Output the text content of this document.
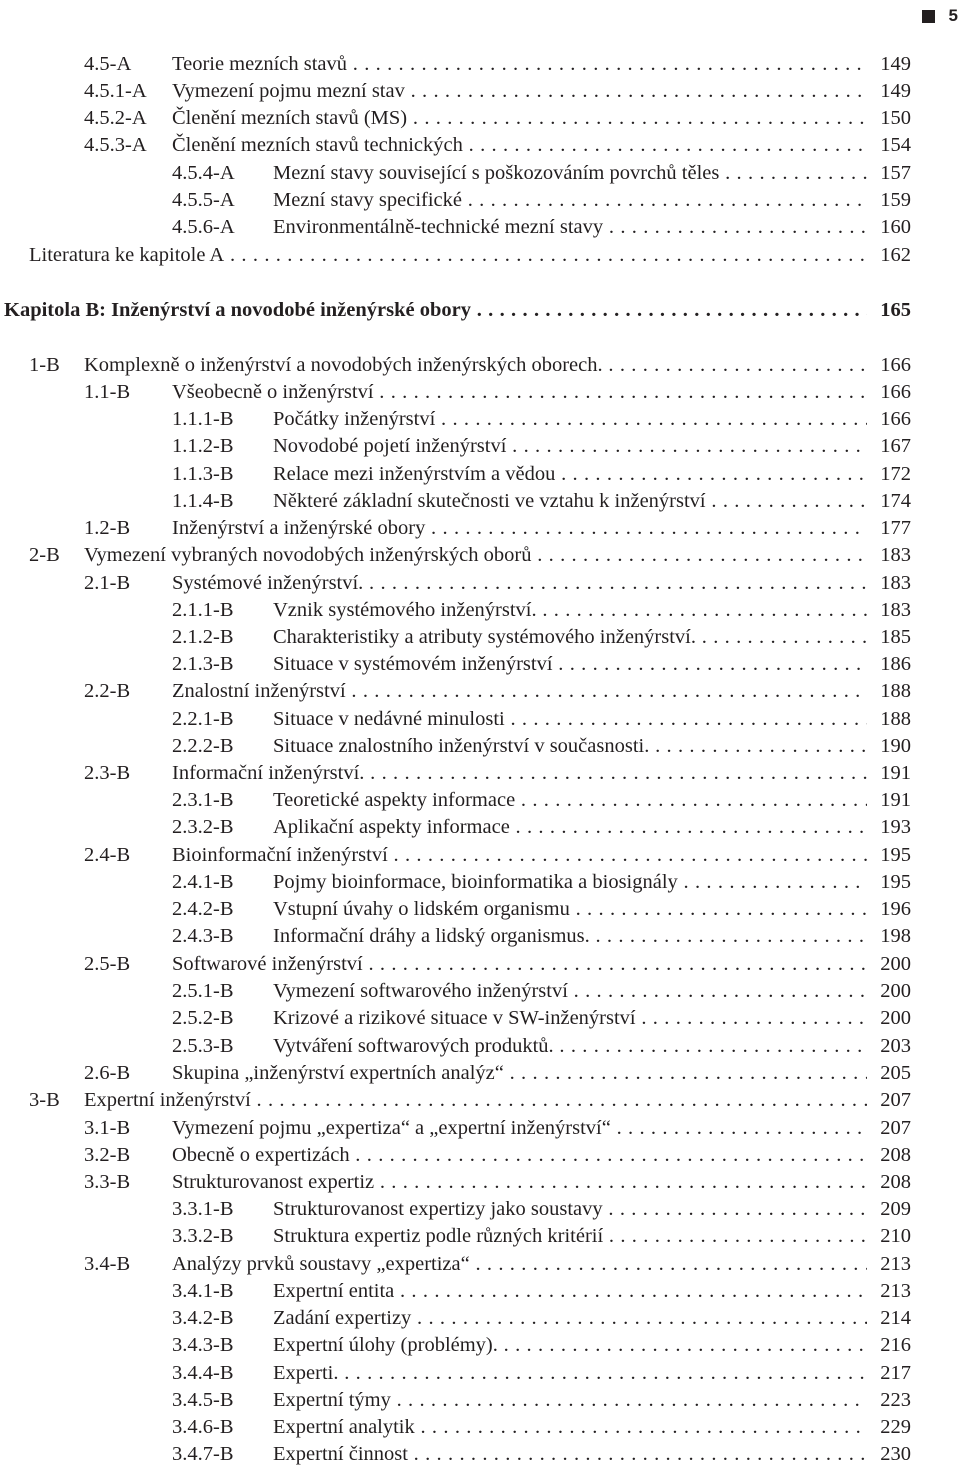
5
4.5-A Teorie mezních stavů . . .	149
4.5.1-A Vymezení pojmu mezní stav . . .	149
4.5.2-A Členění mezních stavů (MS) . . .	150
4.5.3-A Členění mezních stavů technických . . .	154
4.5.4-A Mezní stavy související s poškozováním povrchů těles . . .	157
4.5.5-A Mezní stavy specifické . . .	159
4.5.6-A Environmentálně-technické mezní stavy . . .	160
Literatura ke kapitole A . . .	162
Kapitola B: Inženýrství a novodobé inženýrské obory . . .	165
1-B Komplexně o inženýrství a novodobých inženýrských oborech. . . .	166
1.1-B Všeobecně o inženýrství . . .	166
1.1.1-B Počátky inženýrství . . .	166
1.1.2-B Novodobé pojetí inženýrství . . .	167
1.1.3-B Relace mezi inženýrstvím a vědou . . .	172
1.1.4-B Některé základní skutečnosti ve vztahu k inženýrství . . .	174
1.2-B Inženýrství a inženýrské obory . . .	177
2-B Vymezení vybraných novodobých inženýrských oborů . . .	183
2.1-B Systémové inženýrství. . . .	183
2.1.1-B Vznik systémového inženýrství. . . .	183
2.1.2-B Charakteristiky a atributy systémového inženýrství. . . .	185
2.1.3-B Situace v systémovém inženýrství . . .	186
2.2-B Znalostní inženýrství . . .	188
2.2.1-B Situace v nedávné minulosti . . .	188
2.2.2-B Situace znalostního inženýrství v současnosti. . . .	190
2.3-B Informační inženýrství. . . .	191
2.3.1-B Teoretické aspekty informace . . .	191
2.3.2-B Aplikační aspekty informace . . .	193
2.4-B Bioinformační inženýrství . . .	195
2.4.1-B Pojmy bioinformace, bioinformatika a biosignály . . .	195
2.4.2-B Vstupní úvahy o lidském organismu . . .	196
2.4.3-B Informační dráhy a lidský organismus. . . .	198
2.5-B Softwarové inženýrství . . .	200
2.5.1-B Vymezení softwarového inženýrství . . .	200
2.5.2-B Krizové a rizikové situace v SW-inženýrství . . .	200
2.5.3-B Vytváření softwarových produktů. . . .	203
2.6-B Skupina „inženýrství expertních analýz“ . . .	205
3-B Expertní inženýrství . . .	207
3.1-B Vymezení pojmu „expertiza“ a „expertní inženýrství“ . . .	207
3.2-B Obecně o expertizách . . .	208
3.3-B Strukturovanost expertiz . . .	208
3.3.1-B Strukturovanost expertizy jako soustavy . . .	209
3.3.2-B Struktura expertiz podle různých kritérií . . .	210
3.4-B Analýzy prvků soustavy „expertiza“ . . .	213
3.4.1-B Expertní entita . . .	213
3.4.2-B Zadání expertizy . . .	214
3.4.3-B Expertní úlohy (problémy). . . .	216
3.4.4-B Experti. . . .	217
3.4.5-B Expertní týmy . . .	223
3.4.6-B Expertní analytik . . .	229
3.4.7-B Expertní činnost . . .	230
